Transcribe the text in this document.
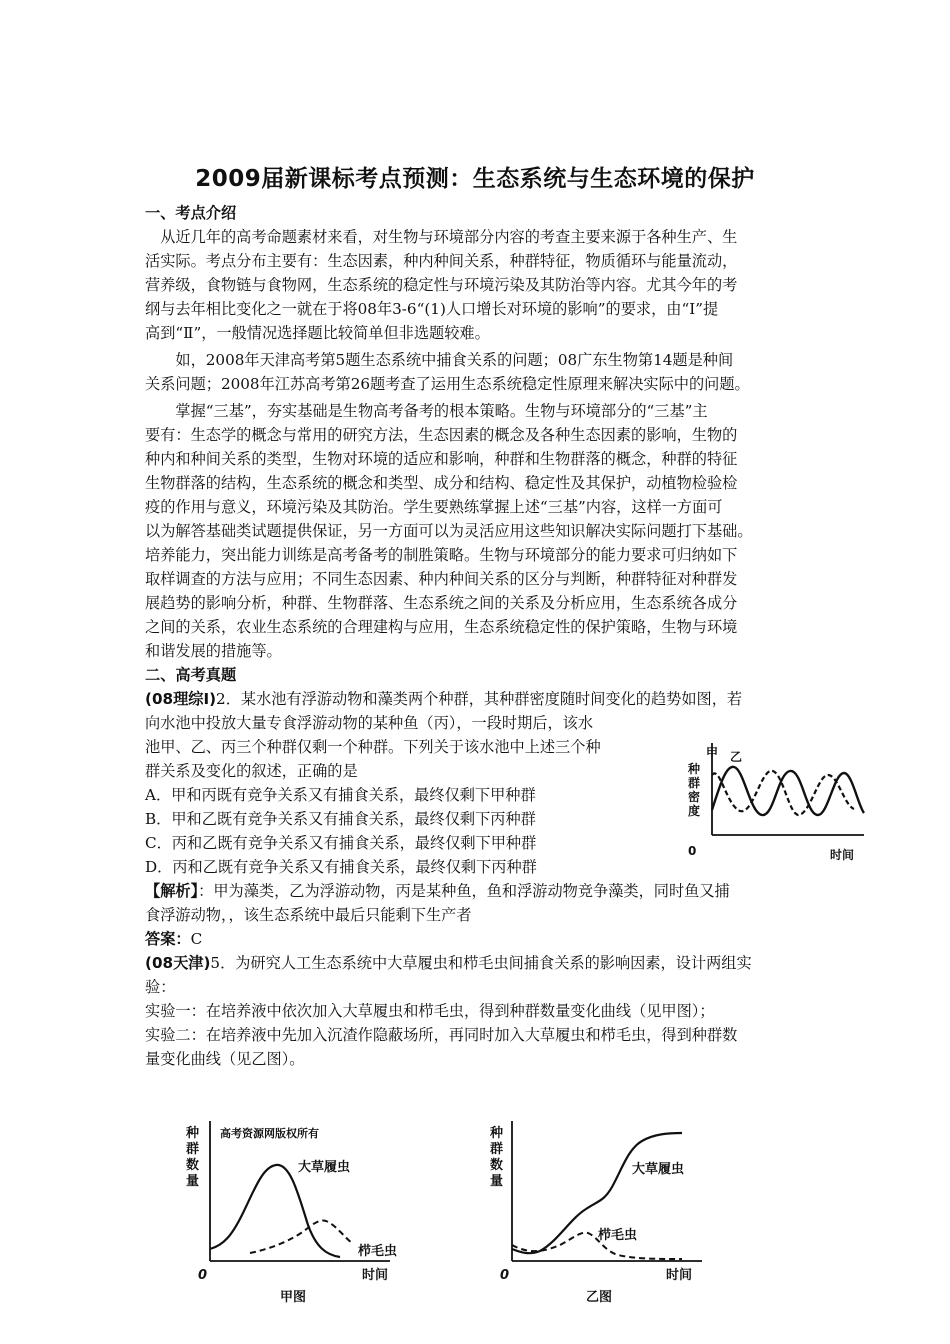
2009届新课标考点预测：生态系统与生态环境的保护
一、考点介绍
　从近几年的高考命题素材来看，对生物与环境部分内容的考查主要来源于各种生产、生
活实际。考点分布主要有：生态因素，种内种间关系，种群特征，物质循环与能量流动，
营养级，食物链与食物网，生态系统的稳定性与环境污染及其防治等内容。尤其今年的考
纲与去年相比变化之一就在于将08年3-6“(1)人口增长对环境的影响”的要求，由“Ⅰ”提
高到“Ⅱ”，一般情况选择题比较简单但非选题较难。
　　如，2008年天津高考第5题生态系统中捕食关系的问题；08广东生物第14题是种间
关系问题；2008年江苏高考第26题考查了运用生态系统稳定性原理来解决实际中的问题。
　　掌握“三基”，夯实基础是生物高考备考的根本策略。生物与环境部分的“三基”主
要有：生态学的概念与常用的研究方法，生态因素的概念及各种生态因素的影响，生物的
种内和种间关系的类型，生物对环境的适应和影响，种群和生物群落的概念，种群的特征
生物群落的结构，生态系统的概念和类型、成分和结构、稳定性及其保护，动植物检验检
疫的作用与意义，环境污染及其防治。学生要熟练掌握上述“三基”内容，这样一方面可
以为解答基础类试题提供保证，另一方面可以为灵活应用这些知识解决实际问题打下基础。
培养能力，突出能力训练是高考备考的制胜策略。生物与环境部分的能力要求可归纳如下
取样调查的方法与应用；不同生态因素、种内种间关系的区分与判断，种群特征对种群发
展趋势的影响分析，种群、生物群落、生态系统之间的关系及分析应用，生态系统各成分
之间的关系，农业生态系统的合理建构与应用，生态系统稳定性的保护策略，生物与环境
和谐发展的措施等。
二、高考真题
(08理综Ⅰ)2．某水池有浮游动物和藻类两个种群，其种群密度随时间变化的趋势如图，若
向水池中投放大量专食浮游动物的某种鱼（丙），一段时期后，该水
池甲、乙、丙三个种群仅剩一个种群。下列关于该水池中上述三个种
群关系及变化的叙述，正确的是
A．甲和丙既有竞争关系又有捕食关系，最终仅剩下甲种群
B．甲和乙既有竞争关系又有捕食关系，最终仅剩下丙种群
C．丙和乙既有竞争关系又有捕食关系，最终仅剩下甲种群
D．丙和乙既有竞争关系又有捕食关系，最终仅剩下丙种群
【解析】：甲为藻类，乙为浮游动物，丙是某种鱼，鱼和浮游动物竞争藻类，同时鱼又捕
食浮游动物，，该生态系统中最后只能剩下生产者
答案：C
种
群
密
度
甲 乙
0	时间
(08天津)5．为研究人工生态系统中大草履虫和栉毛虫间捕食关系的影响因素，设计两组实
验：
实验一：在培养液中依次加入大草履虫和栉毛虫，得到种群数量变化曲线（见甲图）；
实验二：在培养液中先加入沉渣作隐蔽场所，再同时加入大草履虫和栉毛虫，得到种群数
量变化曲线（见乙图）。
种
群
数
量
高考资源网版权所有
大草履虫
栉毛虫
0	时间
甲图
种
群
数
量
大草履虫
栉毛虫
0	时间
乙图
